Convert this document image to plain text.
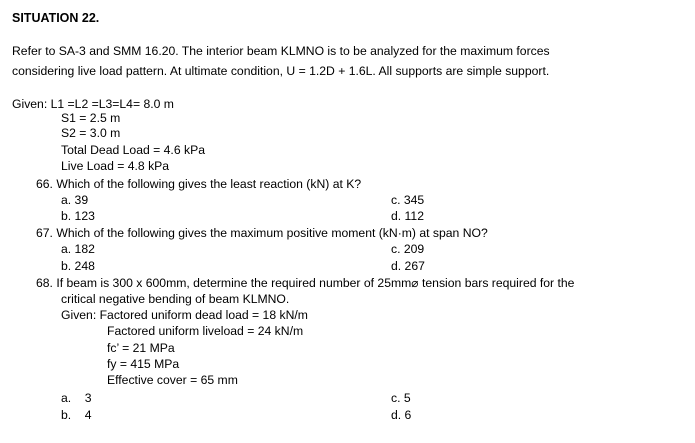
SITUATION 22.
Refer to SA-3 and SMM 16.20. The interior beam KLMNO is to be analyzed for the maximum forces
considering live load pattern. At ultimate condition, U = 1.2D + 1.6L. All supports are simple support.
Given: L1 =L2 =L3=L4= 8.0 m
S1 = 2.5 m
S2 = 3.0 m
Total Dead Load = 4.6 kPa
Live Load = 4.8 kPa
66. Which of the following gives the least reaction (kN) at K?
a. 39	c. 345
b. 123	d. 112
67. Which of the following gives the maximum positive moment (kN·m) at span NO?
a. 182	c. 209
b. 248	d. 267
68. If beam is 300 x 600mm, determine the required number of 25mm⌀ tension bars required for the
critical negative bending of beam KLMNO.
Given: Factored uniform dead load = 18 kN/m
Factored uniform liveload = 24 kN/m
fc’ = 21 MPa
fy = 415 MPa
Effective cover = 65 mm
a.    3	c. 5
b.    4	d. 6
